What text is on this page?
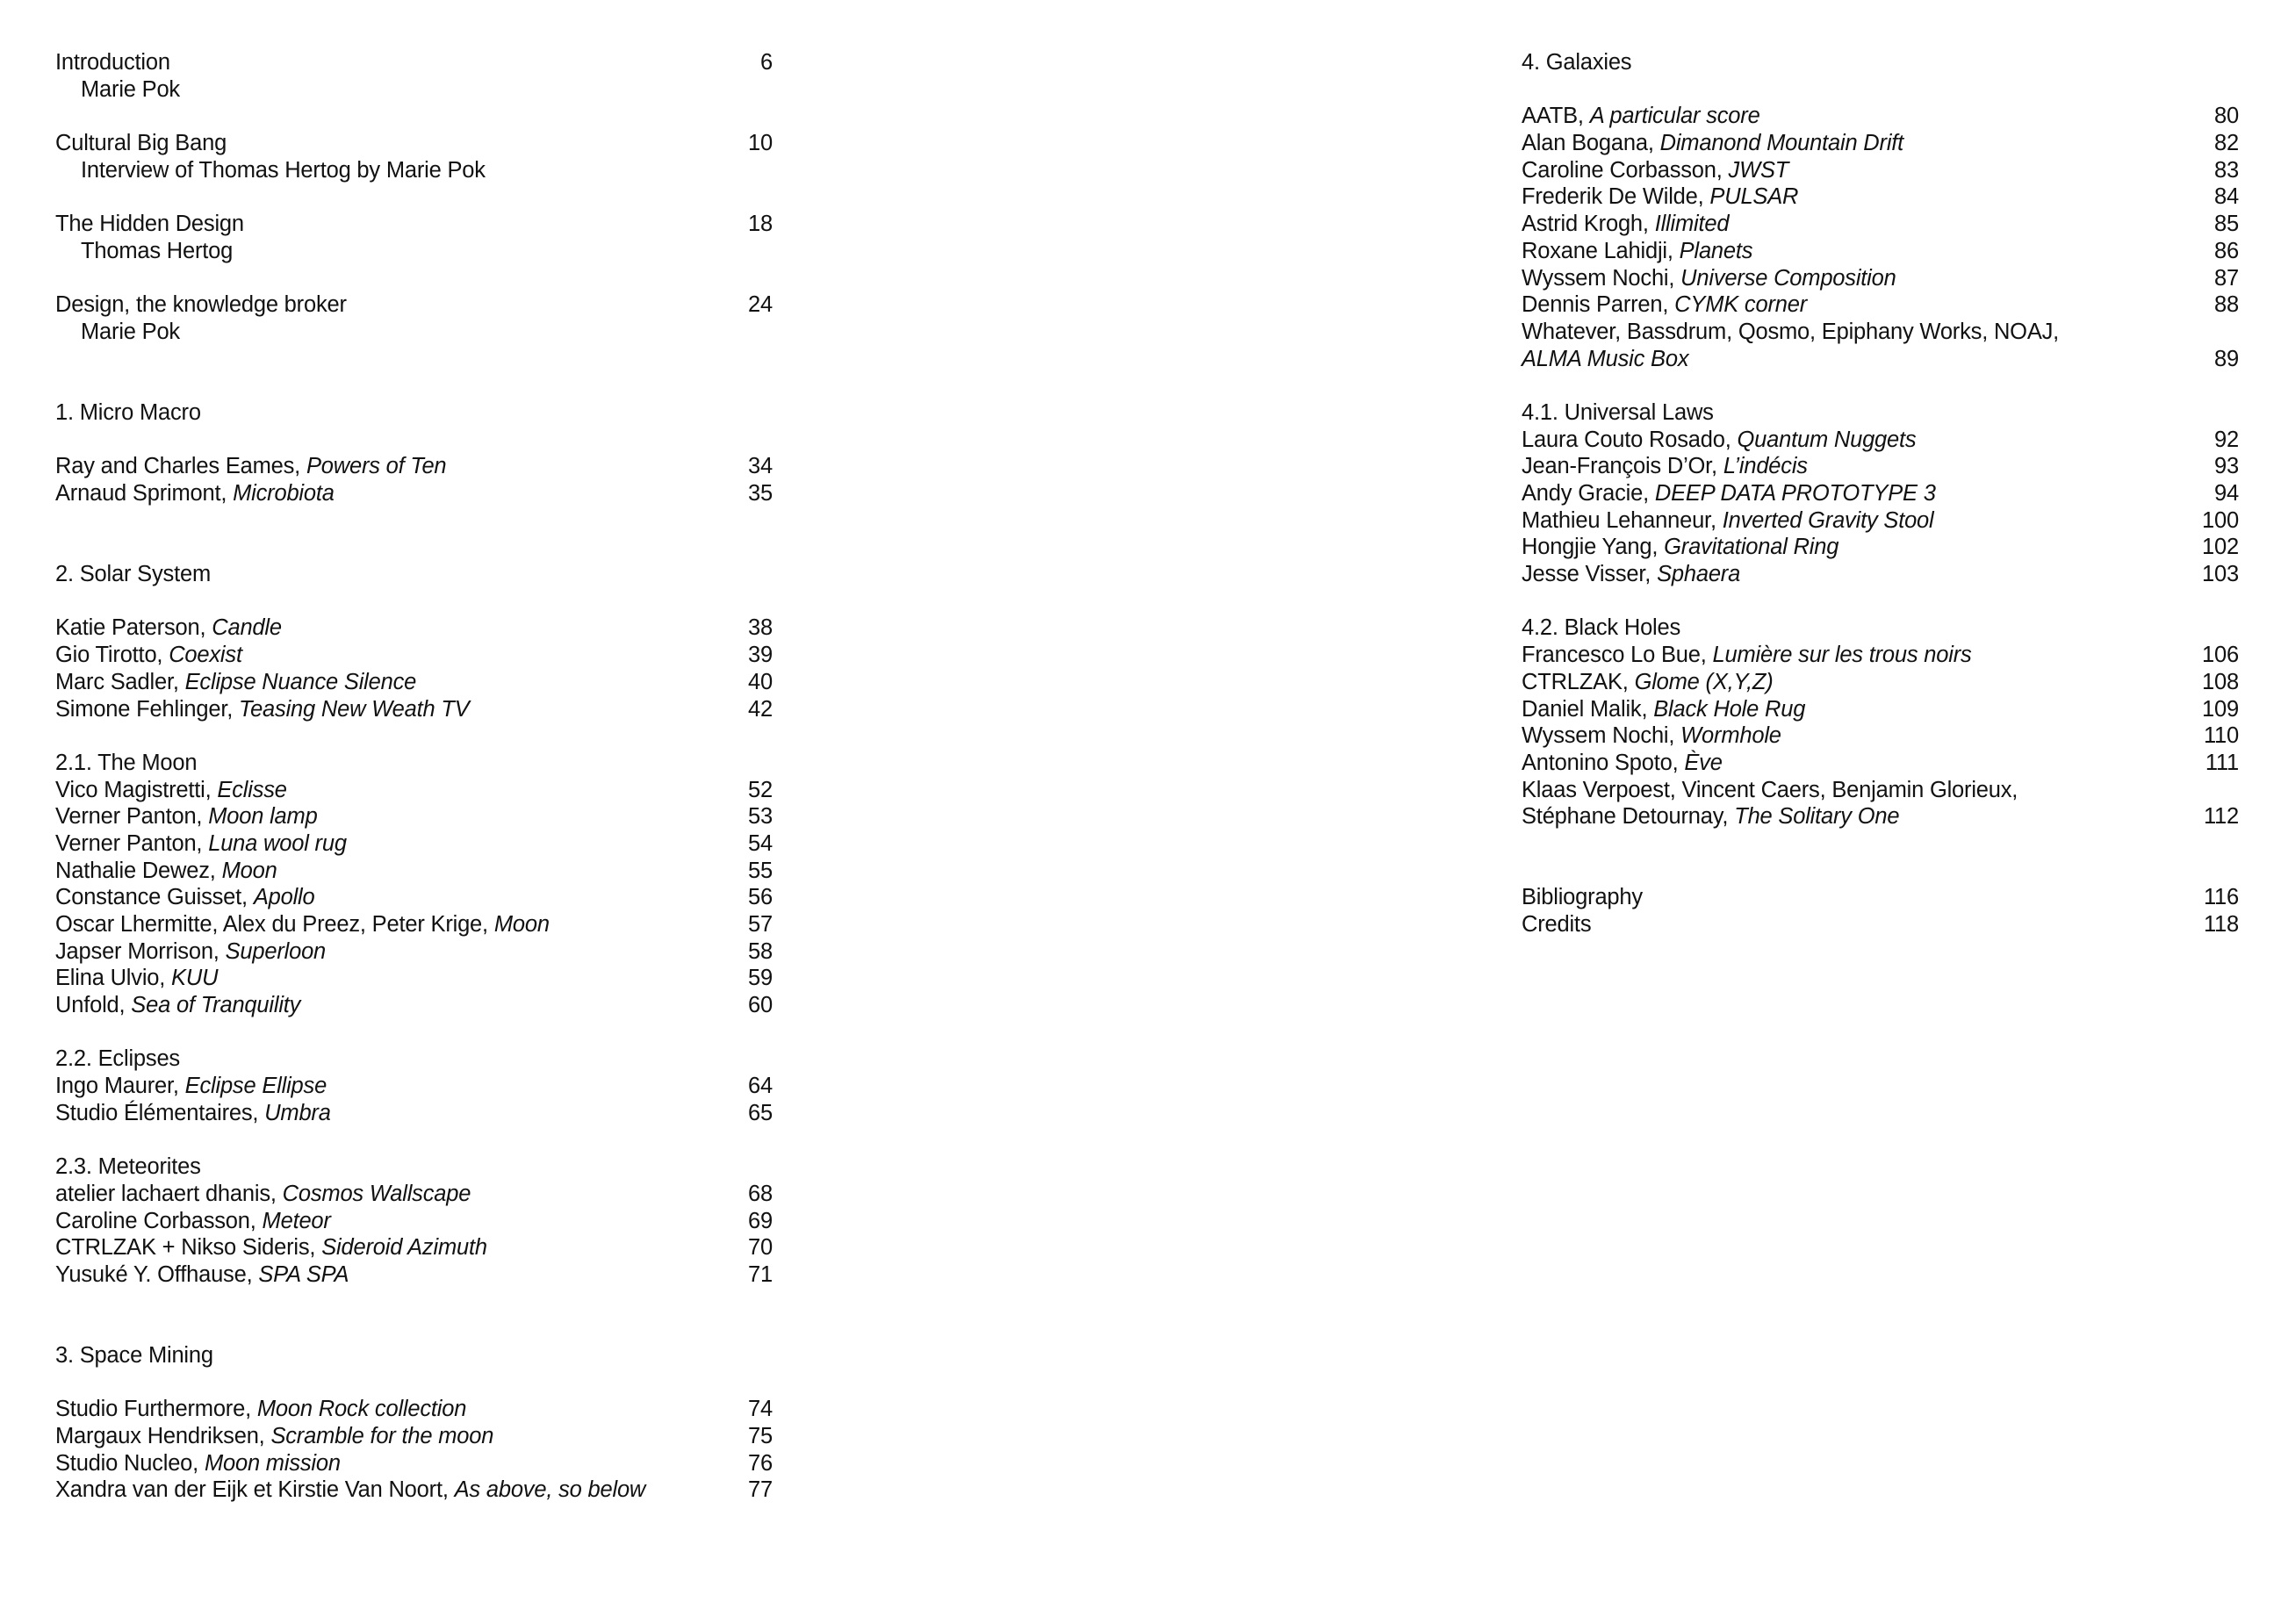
Introduction	6
Marie Pok
Cultural Big Bang	10
Interview of Thomas Hertog by Marie Pok
The Hidden Design	18
Thomas Hertog
Design, the knowledge broker	24
Marie Pok
1. Micro Macro
Ray and Charles Eames, Powers of Ten	34
Arnaud Sprimont, Microbiota	35
2. Solar System
Katie Paterson, Candle	38
Gio Tirotto, Coexist	39
Marc Sadler, Eclipse Nuance Silence	40
Simone Fehlinger, Teasing New Weath TV	42
2.1. The Moon
Vico Magistretti, Eclisse	52
Verner Panton, Moon lamp	53
Verner Panton, Luna wool rug	54
Nathalie Dewez, Moon	55
Constance Guisset, Apollo	56
Oscar Lhermitte, Alex du Preez, Peter Krige, Moon	57
Japser Morrison, Superloon	58
Elina Ulvio, KUU	59
Unfold, Sea of Tranquility	60
2.2. Eclipses
Ingo Maurer, Eclipse Ellipse	64
Studio Élémentaires, Umbra	65
2.3. Meteorites
atelier lachaert dhanis, Cosmos Wallscape	68
Caroline Corbasson, Meteor	69
CTRLZAK + Nikso Sideris, Sideroid Azimuth	70
Yusuké Y. Offhause, SPA SPA	71
3. Space Mining
Studio Furthermore, Moon Rock collection	74
Margaux Hendriksen, Scramble for the moon	75
Studio Nucleo, Moon mission	76
Xandra van der Eijk et Kirstie Van Noort, As above, so below	77
4. Galaxies
AATB, A particular score	80
Alan Bogana, Dimanond Mountain Drift	82
Caroline Corbasson, JWST	83
Frederik De Wilde, PULSAR	84
Astrid Krogh, Illimited	85
Roxane Lahidji, Planets	86
Wyssem Nochi, Universe Composition	87
Dennis Parren, CYMK corner	88
Whatever, Bassdrum, Qosmo, Epiphany Works, NOAJ,
ALMA Music Box	89
4.1. Universal Laws
Laura Couto Rosado, Quantum Nuggets	92
Jean-François D’Or, L’indécis	93
Andy Gracie, DEEP DATA PROTOTYPE 3	94
Mathieu Lehanneur, Inverted Gravity Stool	100
Hongjie Yang, Gravitational Ring	102
Jesse Visser, Sphaera	103
4.2. Black Holes
Francesco Lo Bue, Lumière sur les trous noirs	106
CTRLZAK, Glome (X,Y,Z)	108
Daniel Malik, Black Hole Rug	109
Wyssem Nochi, Wormhole	110
Antonino Spoto, Ève	111
Klaas Verpoest, Vincent Caers, Benjamin Glorieux,
Stéphane Detournay, The Solitary One	112
Bibliography	116
Credits	118
